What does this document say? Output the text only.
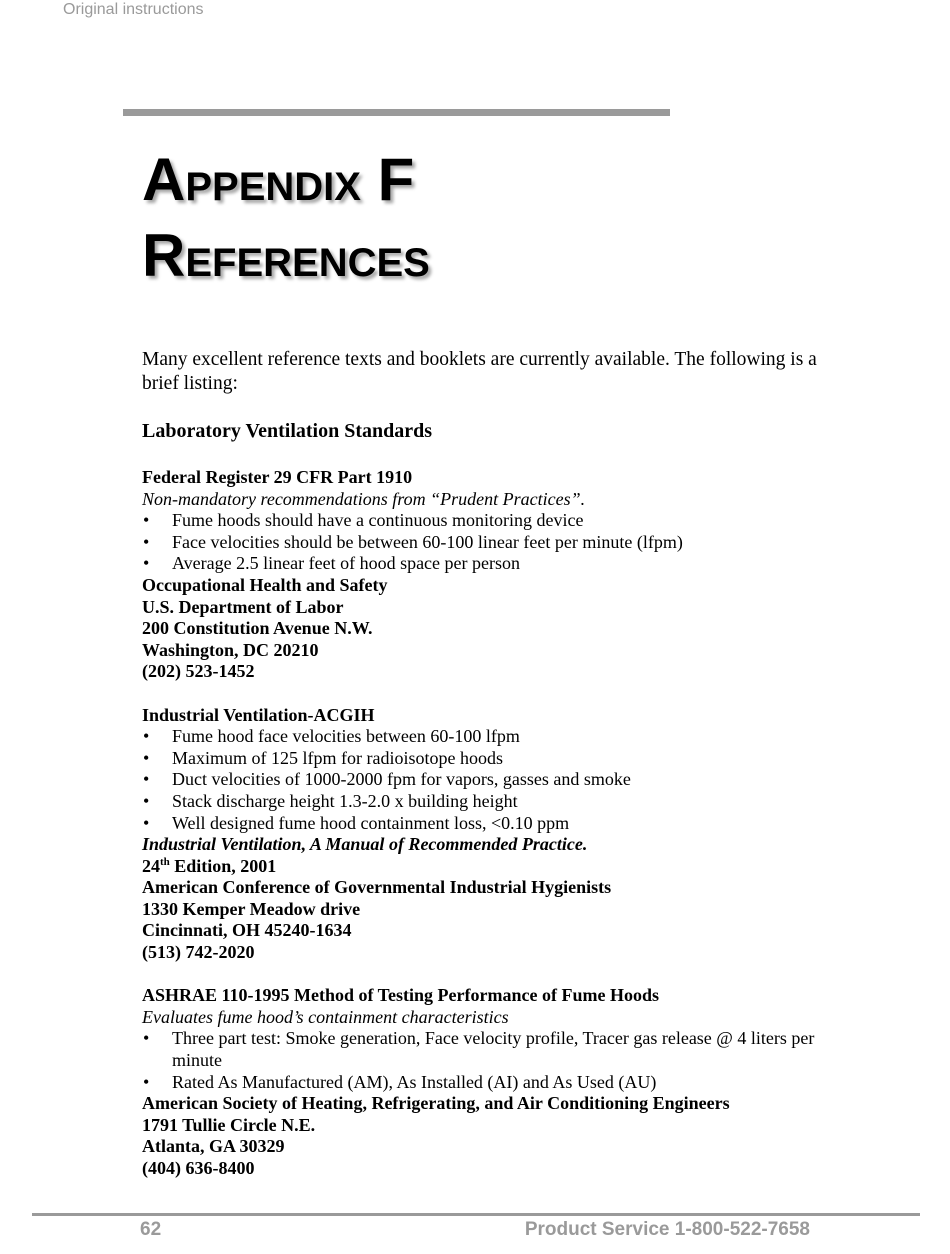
Original instructions
APPENDIX F
REFERENCES

Many excellent reference texts and booklets are currently available. The following is a brief listing:

Laboratory Ventilation Standards

Federal Register 29 CFR Part 1910

Non-mandatory recommendations from “Prudent Practices”.

• Fume hoods should have a continuous monitoring device
• Face velocities should be between 60-100 linear feet per minute (lfpm)
• Average 2.5 linear feet of hood space per person

Occupational Health and Safety

U.S. Department of Labor

200 Constitution Avenue N.W.

Washington, DC 20210

(202) 523-1452

Industrial Ventilation-ACGIH

• Fume hood face velocities between 60-100 lfpm
• Maximum of 125 lfpm for radioisotope hoods
• Duct velocities of 1000-2000 fpm for vapors, gasses and smoke
• Stack discharge height 1.3-2.0 x building height
• Well designed fume hood containment loss, <0.10 ppm

Industrial Ventilation, A Manual of Recommended Practice.

24th Edition, 2001

American Conference of Governmental Industrial Hygienists

1330 Kemper Meadow drive

Cincinnati, OH 45240-1634

(513) 742-2020

ASHRAE 110-1995 Method of Testing Performance of Fume Hoods

Evaluates fume hood’s containment characteristics

• Three part test: Smoke generation, Face velocity profile, Tracer gas release @ 4 liters per minute
• Rated As Manufactured (AM), As Installed (AI) and As Used (AU)

American Society of Heating, Refrigerating, and Air Conditioning Engineers

1791 Tullie Circle N.E.

Atlanta, GA 30329

(404) 636-8400

62	Product Service 1-800-522-7658
